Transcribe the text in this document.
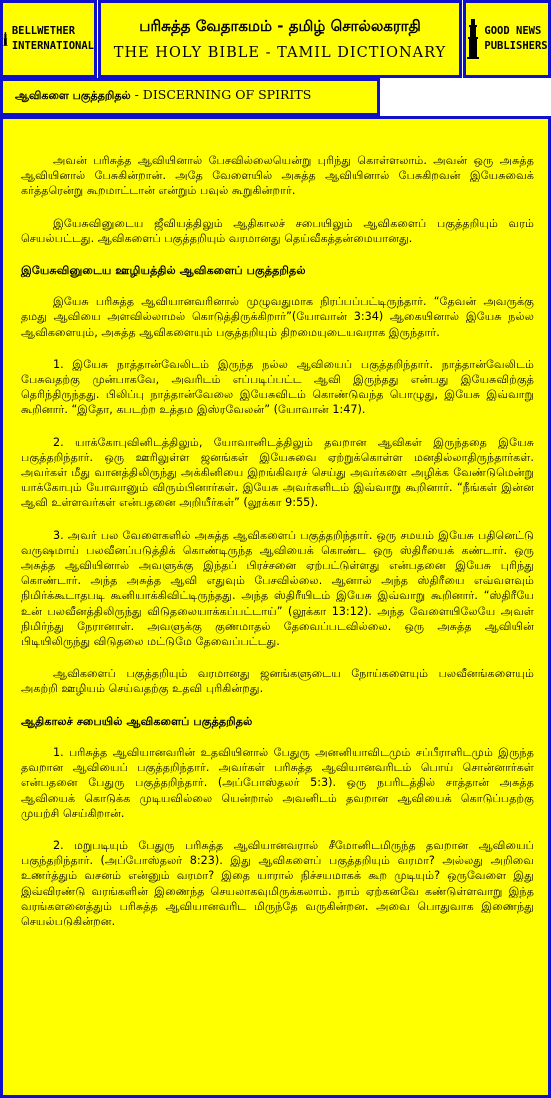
BELLWETHER
INTERNATIONAL
பரிசுத்த வேதாகமம் - தமிழ் சொல்லகராதி
THE HOLY BIBLE - TAMIL DICTIONARY
GOOD NEWS
PUBLISHERS
ஆவிகளை பகுத்தறிதல் - DISCERNING OF SPIRITS

அவன் பரிசுத்த ஆவியினால் பேசவில்லையென்று புரிந்து கொள்ளலாம். அவன் ஒரு அசுத்த ஆவியினால் பேசுகின்றான். அதே வேளையில் அசுத்த ஆவியினால் பேசுகிறவன் இயேசுவைக் கர்த்தரென்று கூறமாட்டான் என்றும் பவுல் கூறுகின்றார்.

இயேசுவினுடைய ஜீவியத்திலும் ஆதிகாலச் சபையிலும் ஆவிகளைப் பகுத்தறியும் வரம் செயல்பட்டது. ஆவிகளைப் பகுத்தறியும் வரமானது தெய்வீகத்தன்மையானது.

இயேசுவினுடைய ஊழியத்தில் ஆவிகளைப் பகுத்தறிதல்

இயேசு பரிசுத்த ஆவியானவரினால் முழுவதுமாக நிரப்பப்பட்டிருந்தார். “தேவன் அவருக்கு தமது ஆவியை அளவில்லாமல் கொடுத்திருக்கிறார்”(யோவான் 3:34) ஆகையினால் இயேசு நல்ல ஆவிகளையும், அசுத்த ஆவிகளையும் பகுத்தறியும் திறமையுடையவராக இருந்தார்.

1. இயேசு நாத்தான்வேலிடம் இருந்த நல்ல ஆவியைப் பகுத்தறிந்தார். நாத்தான்வேலிடம் பேசுவதற்கு முன்பாகவே, அவரிடம் எப்படிப்பட்ட ஆவி இருந்தது என்பது இயேசுவிற்குத் தெரிந்திருந்தது. பிலிப்பு நாத்தான்வேலை இயேசுவிடம் கொண்டுவந்த பொழுது, இயேசு இவ்வாறு கூறினார். “இதோ, கபடற்ற உத்தம இஸ்ரவேலன்” (யோவான் 1:47).

2. யாக்கோபுவினிடத்திலும், யோவானிடத்திலும் தவறான ஆவிகள் இருந்ததை இயேசு பகுத்தறிந்தார். ஒரு ஊரிலுள்ள ஜனங்கள் இயேசுவை ஏற்றுக்கொள்ள மனதில்லாதிருந்தார்கள். அவர்கள் மீது வானத்திலிருந்து அக்கினியை இறங்கிவரச் செய்து அவர்களை அழிக்க வேண்டுமென்று யாக்கோபும் யோவானும் விரும்பினார்கள். இயேசு அவர்களிடம் இவ்வாறு கூறினார். “நீங்கள் இன்ன ஆவி உள்ளவர்கள் என்பதனை அறியீர்கள்” (லூக்கா 9:55).

3. அவர் பல வேளைகளில் அசுத்த ஆவிகளைப் பகுத்தறிந்தார். ஒரு சமயம் இயேசு பதினெட்டு வருஷமாய் பலவீனப்படுத்திக் கொண்டிருந்த ஆவியைக் கொண்ட ஒரு ஸ்திரீயைக் கண்டார். ஒரு அசுத்த ஆவியினால் அவளுக்கு இந்தப் பிரச்சனை ஏற்பட்டுள்ளது என்பதனை இயேசு புரிந்து கொண்டார். அந்த அசுத்த ஆவி எதுவும் பேசவில்லை. ஆனால் அந்த ஸ்திரீயை எவ்வளவும் நிமிர்க்கூடாதபடி கூனியாக்கிவிட்டிருந்தது. அந்த ஸ்திரீயிடம் இயேசு இவ்வாறு கூறினார். “ஸ்திரீயே உன் பலவீனத்திலிருந்து விடுதலையாக்கப்பட்டாய்” (லூக்கா 13:12). அந்த வேளையிலேயே அவள் நிமிர்ந்து நேரானாள். அவளுக்கு குணமாதல் தேவைப்படவில்லை. ஒரு அசுத்த ஆவியின் பிடியிலிருந்து விடுதலை மட்டுமே தேவைப்பட்டது.

ஆவிகளைப் பகுத்தறியும் வரமானது ஜனங்களுடைய நோய்களையும் பலவீனங்களையும் அகற்றி ஊழியம் செய்வதற்கு உதவி புரிகின்றது.

ஆதிகாலச் சபையில் ஆவிகளைப் பகுத்தறிதல்

1. பரிசுத்த ஆவியானவரின் உதவியினால் பேதுரு அனனியாவிடமும் சப்பீராளிடமும் இருந்த தவறான ஆவியைப் பகுத்தறிந்தார். அவர்கள் பரிசுத்த ஆவியானவரிடம் பொய் சொன்னார்கள் என்பதனை பேதுரு பகுத்தறிந்தார். (அப்போஸ்தலர் 5:3). ஒரு நபரிடத்தில் சாத்தான் அசுத்த ஆவியைக் கொடுக்க முடியவில்லை யென்றால் அவனிடம் தவறான ஆவியைக் கொடுப்பதற்கு முயற்சி செய்கிறான்.

2. மறுபடியும் பேதுரு பரிசுத்த ஆவியானவரால் சீமோனிடமிருந்த தவறான ஆவியைப் பகுந்தறிந்தார். (அப்போஸ்தலர் 8:23). இது ஆவிகளைப் பகுத்தறியும் வரமா? அல்லது அறிவை உணர்த்தும் வசனம் என்னும் வரமா? இதை யாரால் நிச்சயமாகக் கூற முடியும்? ஒருவேளை இது இவ்விரண்டு வரங்களின் இணைந்த செயலாகவுமிருக்கலாம். நாம் ஏற்கனவே கண்டுள்ளவாறு இந்த வரங்களனைத்தும் பரிசுத்த ஆவியானவரிட மிருந்தே வருகின்றன. அவை பொதுவாக இணைந்து செயல்படுகின்றன.
